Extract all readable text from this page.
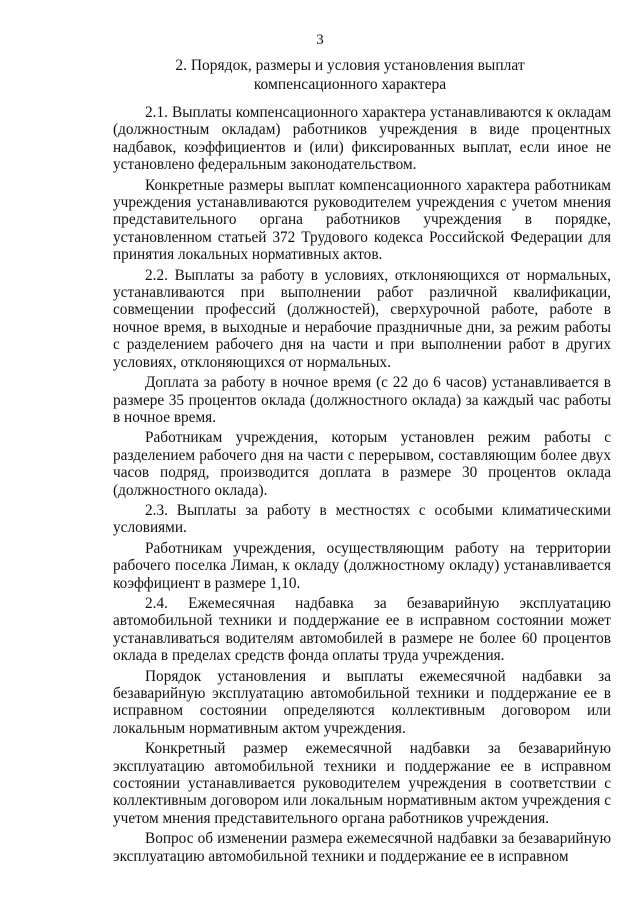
3
2. Порядок, размеры и условия установления выплат
компенсационного характера

2.1. Выплаты компенсационного характера устанавливаются к окладам (должностным окладам) работников учреждения в виде процентных надбавок, коэффициентов и (или) фиксированных выплат, если иное не установлено федеральным законодательством.

Конкретные размеры выплат компенсационного характера работникам учреждения устанавливаются руководителем учреждения с учетом мнения представительного органа работников учреждения в порядке, установленном статьей 372 Трудового кодекса Российской Федерации для принятия локальных нормативных актов.

2.2. Выплаты за работу в условиях, отклоняющихся от нормальных, устанавливаются при выполнении работ различной квалификации, совмещении профессий (должностей), сверхурочной работе, работе в ночное время, в выходные и нерабочие праздничные дни, за режим работы с разделением рабочего дня на части и при выполнении работ в других условиях, отклоняющихся от нормальных.

Доплата за работу в ночное время (с 22 до 6 часов) устанавливается в размере 35 процентов оклада (должностного оклада) за каждый час работы в ночное время.

Работникам учреждения, которым установлен режим работы с разделением рабочего дня на части с перерывом, составляющим более двух часов подряд, производится доплата в размере 30 процентов оклада (должностного оклада).

2.3. Выплаты за работу в местностях с особыми климатическими условиями.

Работникам учреждения, осуществляющим работу на территории рабочего поселка Лиман, к окладу (должностному окладу) устанавливается коэффициент в размере 1,10.

2.4. Ежемесячная надбавка за безаварийную эксплуатацию автомобильной техники и поддержание ее в исправном состоянии может устанавливаться водителям автомобилей в размере не более 60 процентов оклада в пределах средств фонда оплаты труда учреждения.

Порядок установления и выплаты ежемесячной надбавки за безаварийную эксплуатацию автомобильной техники и поддержание ее в исправном состоянии определяются коллективным договором или локальным нормативным актом учреждения.

Конкретный размер ежемесячной надбавки за безаварийную эксплуатацию автомобильной техники и поддержание ее в исправном состоянии устанавливается руководителем учреждения в соответствии с коллективным договором или локальным нормативным актом учреждения с учетом мнения представительного органа работников учреждения.

Вопрос об изменении размера ежемесячной надбавки за безаварийную эксплуатацию автомобильной техники и поддержание ее в исправном
